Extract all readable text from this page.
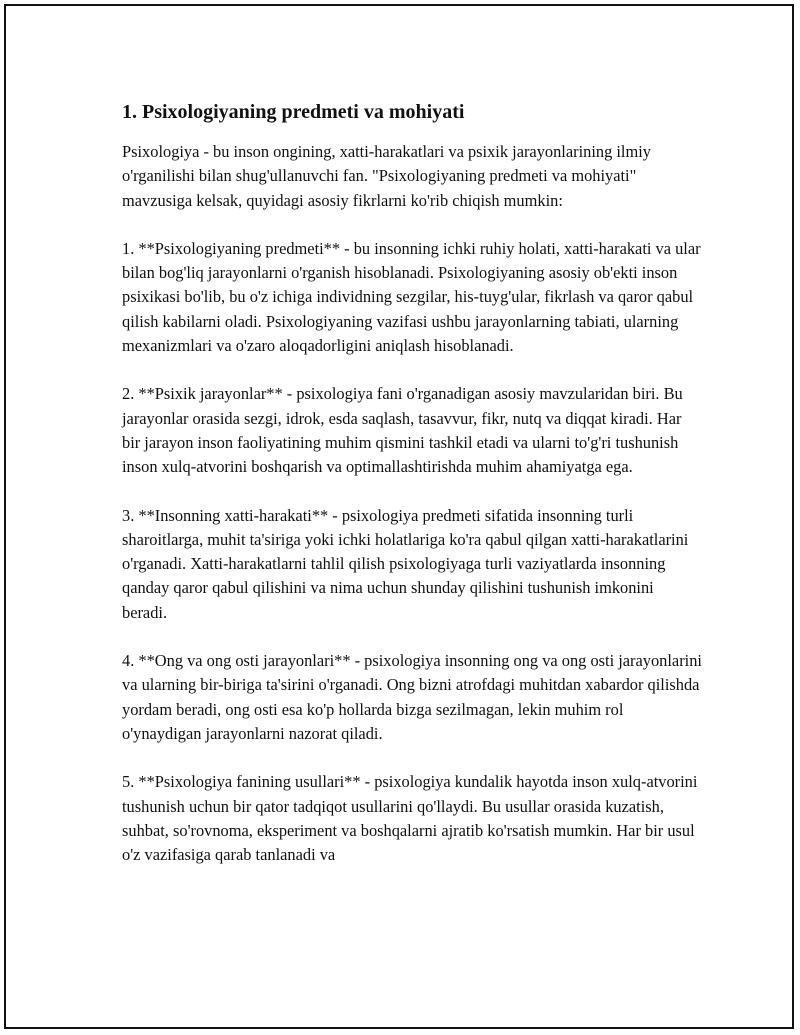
1. Psixologiyaning predmeti va mohiyati

Psixologiya - bu inson ongining, xatti-harakatlari va psixik jarayonlarining ilmiy o'rganilishi bilan shug'ullanuvchi fan. "Psixologiyaning predmeti va mohiyati" mavzusiga kelsak, quyidagi asosiy fikrlarni ko'rib chiqish mumkin:

1. **Psixologiyaning predmeti** - bu insonning ichki ruhiy holati, xatti-harakati va ular bilan bog'liq jarayonlarni o'rganish hisoblanadi. Psixologiyaning asosiy ob'ekti inson psixikasi bo'lib, bu o'z ichiga individning sezgilar, his-tuyg'ular, fikrlash va qaror qabul qilish kabilarni oladi. Psixologiyaning vazifasi ushbu jarayonlarning tabiati, ularning mexanizmlari va o'zaro aloqadorligini aniqlash hisoblanadi.

2. **Psixik jarayonlar** - psixologiya fani o'rganadigan asosiy mavzularidan biri. Bu jarayonlar orasida sezgi, idrok, esda saqlash, tasavvur, fikr, nutq va diqqat kiradi. Har bir jarayon inson faoliyatining muhim qismini tashkil etadi va ularni to'g'ri tushunish inson xulq-atvorini boshqarish va optimallashtirishda muhim ahamiyatga ega.

3. **Insonning xatti-harakati** - psixologiya predmeti sifatida insonning turli sharoitlarga, muhit ta'siriga yoki ichki holatlariga ko'ra qabul qilgan xatti-harakatlarini o'rganadi. Xatti-harakatlarni tahlil qilish psixologiyaga turli vaziyatlarda insonning qanday qaror qabul qilishini va nima uchun shunday qilishini tushunish imkonini beradi.

4. **Ong va ong osti jarayonlari** - psixologiya insonning ong va ong osti jarayonlarini va ularning bir-biriga ta'sirini o'rganadi. Ong bizni atrofdagi muhitdan xabardor qilishda yordam beradi, ong osti esa ko'p hollarda bizga sezilmagan, lekin muhim rol o'ynaydigan jarayonlarni nazorat qiladi.

5. **Psixologiya fanining usullari** - psixologiya kundalik hayotda inson xulq-atvorini tushunish uchun bir qator tadqiqot usullarini qo'llaydi. Bu usullar orasida kuzatish, suhbat, so'rovnoma, eksperiment va boshqalarni ajratib ko'rsatish mumkin. Har bir usul o'z vazifasiga qarab tanlanadi va
